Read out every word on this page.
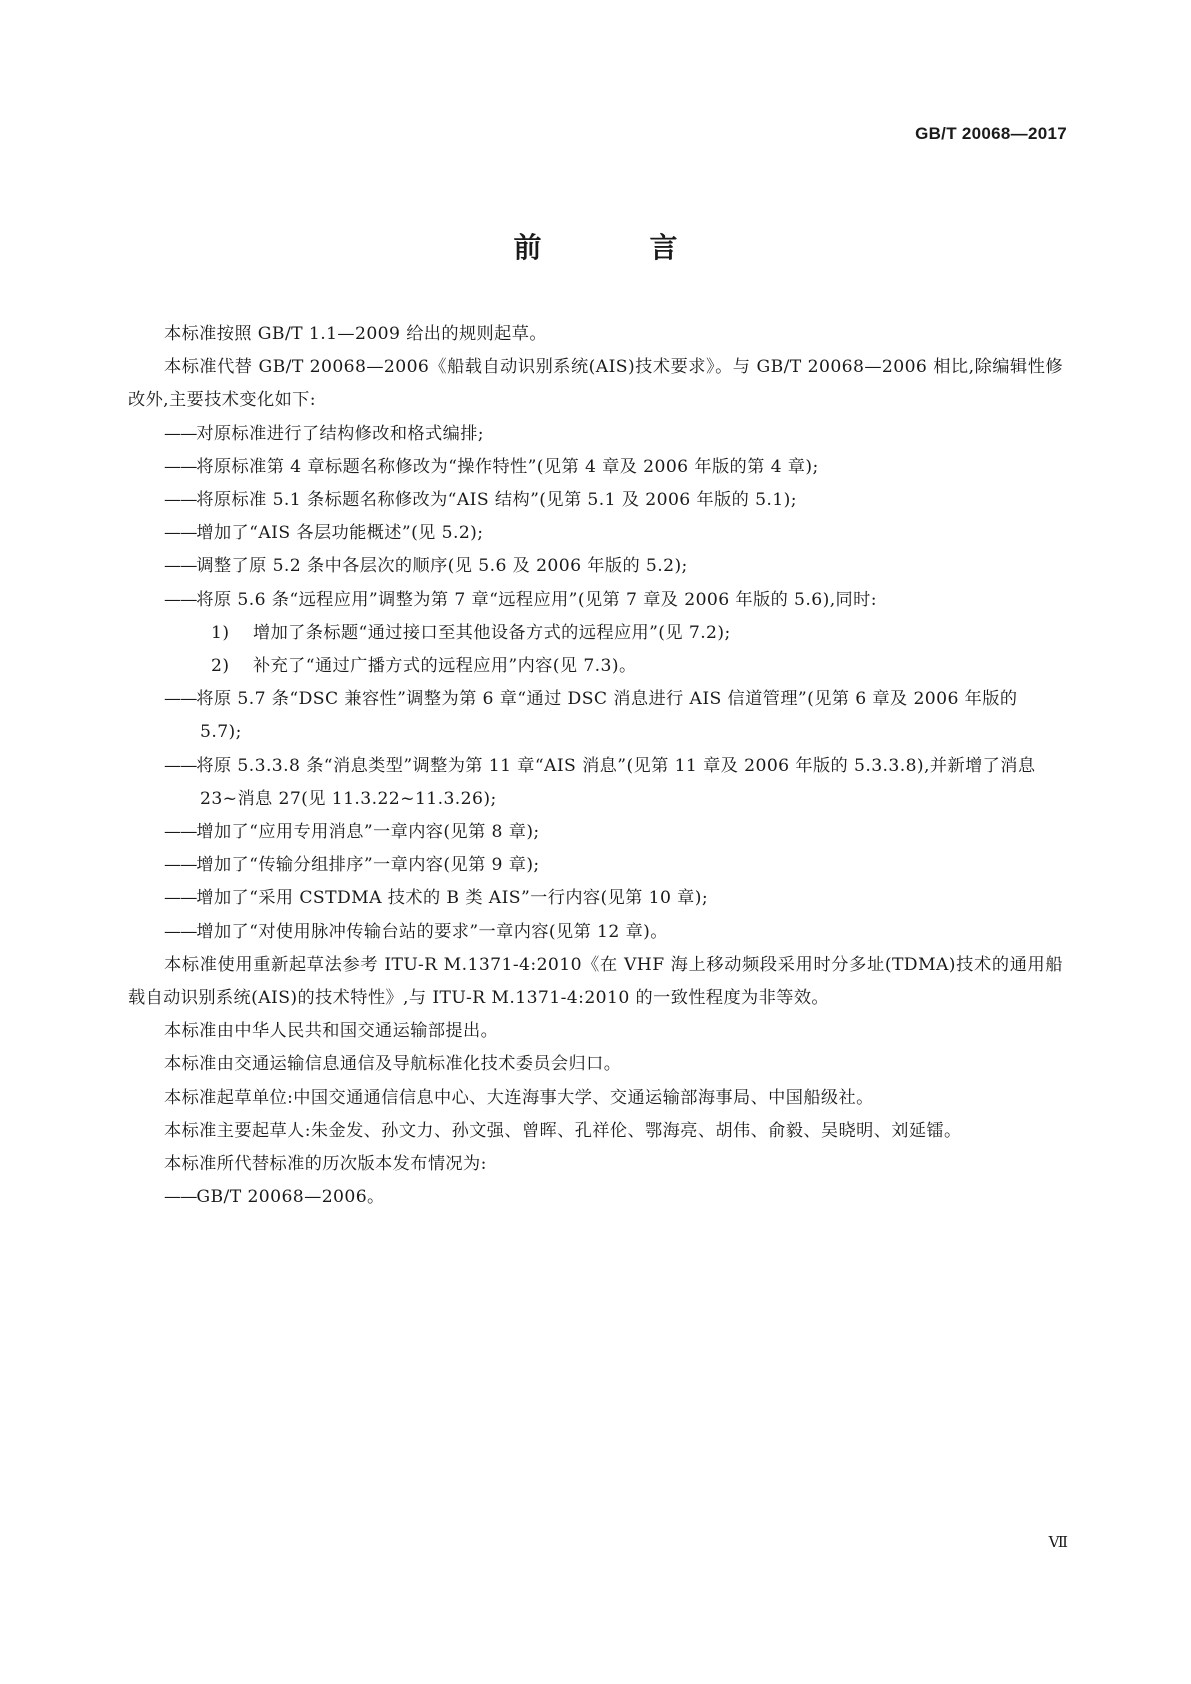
GB/T 20068—2017
前　言

本标准按照 GB/T 1.1—2009 给出的规则起草。

本标准代替 GB/T 20068—2006《船载自动识别系统(AIS)技术要求》。与 GB/T 20068—2006 相比,除编辑性修改外,主要技术变化如下:

——对原标准进行了结构修改和格式编排;

——将原标准第 4 章标题名称修改为“操作特性”(见第 4 章及 2006 年版的第 4 章);

——将原标准 5.1 条标题名称修改为“AIS 结构”(见第 5.1 及 2006 年版的 5.1);

——增加了“AIS 各层功能概述”(见 5.2);

——调整了原 5.2 条中各层次的顺序(见 5.6 及 2006 年版的 5.2);

——将原 5.6 条“远程应用”调整为第 7 章“远程应用”(见第 7 章及 2006 年版的 5.6),同时:

1) 增加了条标题“通过接口至其他设备方式的远程应用”(见 7.2);

2) 补充了“通过广播方式的远程应用”内容(见 7.3)。

——将原 5.7 条“DSC 兼容性”调整为第 6 章“通过 DSC 消息进行 AIS 信道管理”(见第 6 章及 2006 年版的 5.7);

——将原 5.3.3.8 条“消息类型”调整为第 11 章“AIS 消息”(见第 11 章及 2006 年版的 5.3.3.8),并新增了消息 23~消息 27(见 11.3.22~11.3.26);

——增加了“应用专用消息”一章内容(见第 8 章);

——增加了“传输分组排序”一章内容(见第 9 章);

——增加了“采用 CSTDMA 技术的 B 类 AIS”一行内容(见第 10 章);

——增加了“对使用脉冲传输台站的要求”一章内容(见第 12 章)。

本标准使用重新起草法参考 ITU-R M.1371-4:2010《在 VHF 海上移动频段采用时分多址(TDMA)技术的通用船载自动识别系统(AIS)的技术特性》,与 ITU-R M.1371-4:2010 的一致性程度为非等效。

本标准由中华人民共和国交通运输部提出。

本标准由交通运输信息通信及导航标准化技术委员会归口。

本标准起草单位:中国交通通信信息中心、大连海事大学、交通运输部海事局、中国船级社。

本标准主要起草人:朱金发、孙文力、孙文强、曾晖、孔祥伦、鄂海亮、胡伟、俞毅、吴晓明、刘延镭。

本标准所代替标准的历次版本发布情况为:

——GB/T 20068—2006。

Ⅶ
